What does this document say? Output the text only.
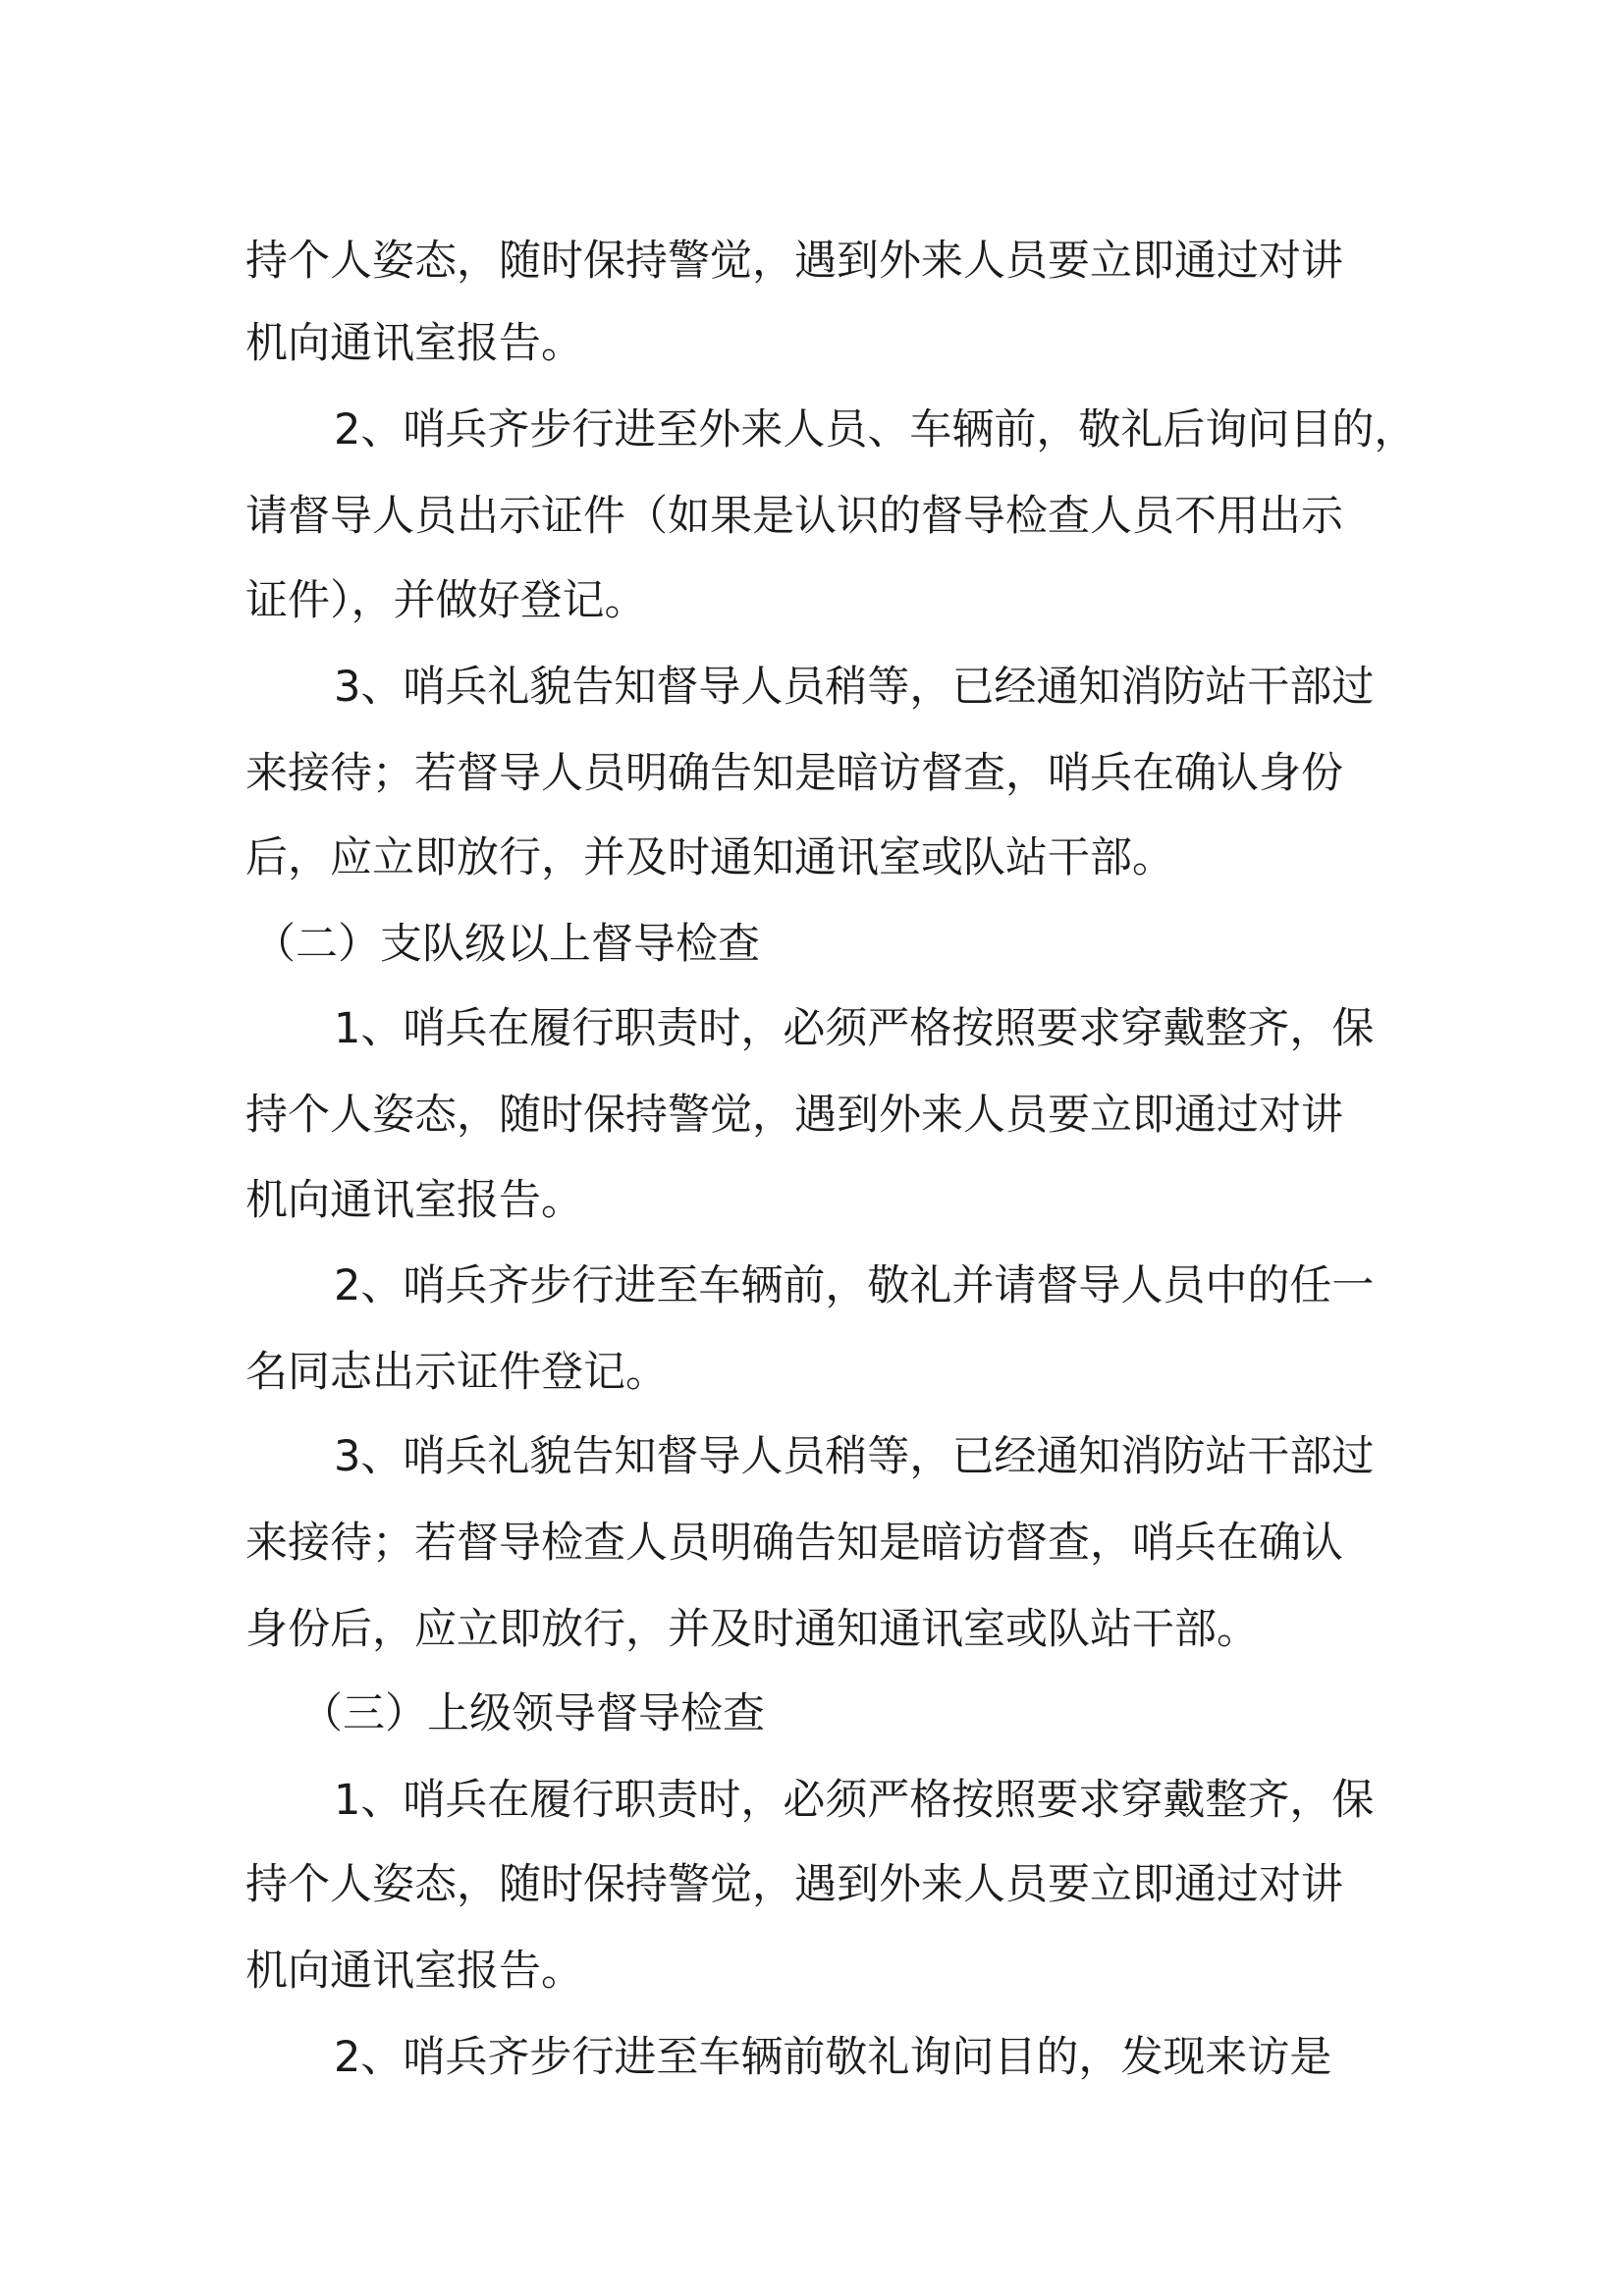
持个人姿态，随时保持警觉，遇到外来人员要立即通过对讲
机向通讯室报告。
2、哨兵齐步行进至外来人员、车辆前，敬礼后询问目的，
请督导人员出示证件（如果是认识的督导检查人员不用出示
证件），并做好登记。
3、哨兵礼貌告知督导人员稍等，已经通知消防站干部过
来接待；若督导人员明确告知是暗访督查，哨兵在确认身份
后，应立即放行，并及时通知通讯室或队站干部。
（二）支队级以上督导检查
1、哨兵在履行职责时，必须严格按照要求穿戴整齐，保
持个人姿态，随时保持警觉，遇到外来人员要立即通过对讲
机向通讯室报告。
2、哨兵齐步行进至车辆前，敬礼并请督导人员中的任一
名同志出示证件登记。
3、哨兵礼貌告知督导人员稍等，已经通知消防站干部过
来接待；若督导检查人员明确告知是暗访督查，哨兵在确认
身份后，应立即放行，并及时通知通讯室或队站干部。
（三）上级领导督导检查
1、哨兵在履行职责时，必须严格按照要求穿戴整齐，保
持个人姿态，随时保持警觉，遇到外来人员要立即通过对讲
机向通讯室报告。
2、哨兵齐步行进至车辆前敬礼询问目的，发现来访是
